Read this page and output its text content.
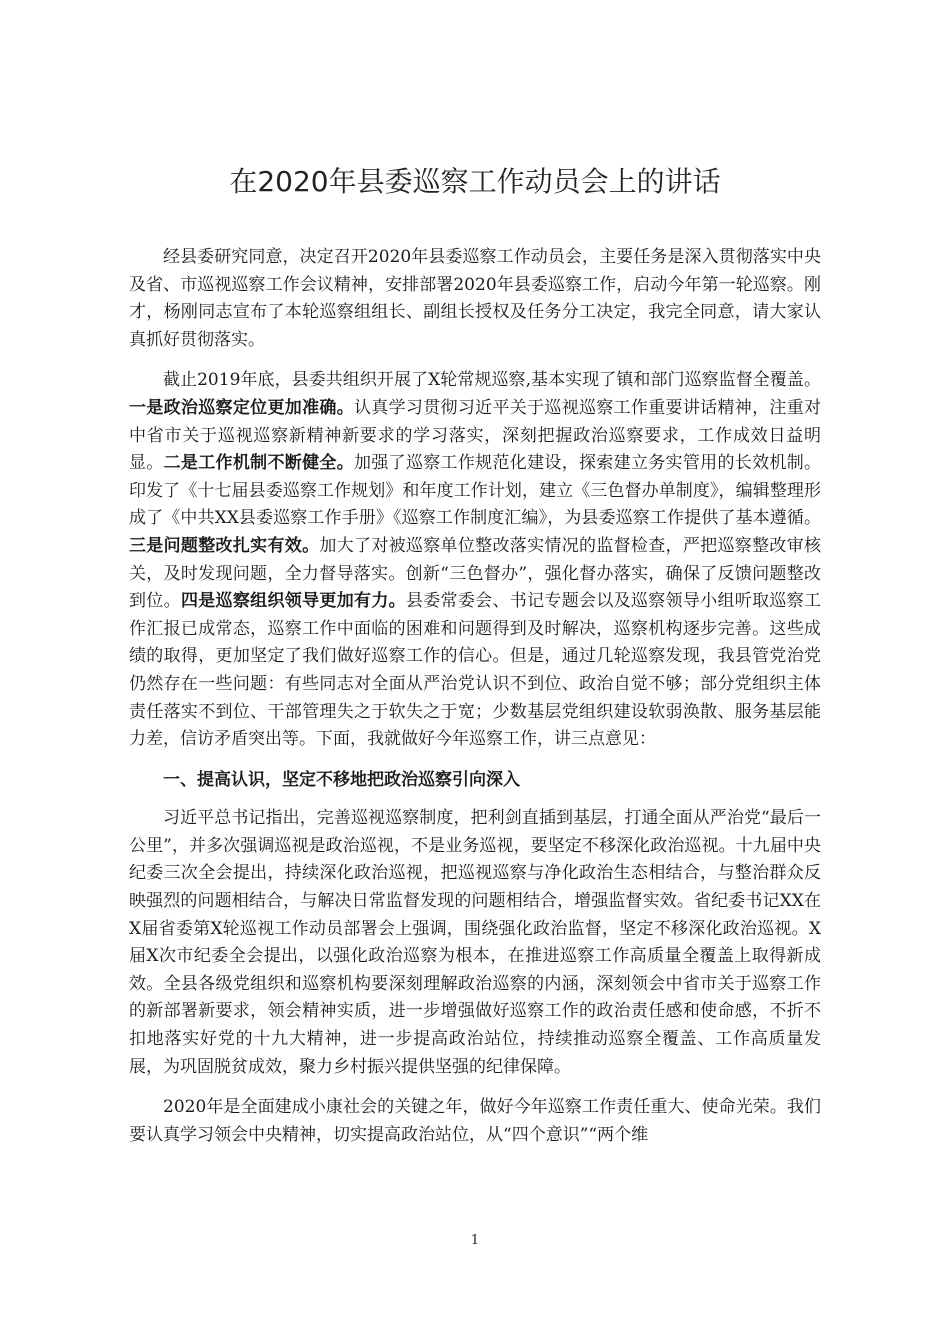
在2020年县委巡察工作动员会上的讲话

经县委研究同意，决定召开2020年县委巡察工作动员会，主要任务是深入贯彻落实中央及省、市巡视巡察工作会议精神，安排部署2020年县委巡察工作，启动今年第一轮巡察。刚才，杨刚同志宣布了本轮巡察组组长、副组长授权及任务分工决定，我完全同意，请大家认真抓好贯彻落实。

截止2019年底，县委共组织开展了X轮常规巡察,基本实现了镇和部门巡察监督全覆盖。一是政治巡察定位更加准确。认真学习贯彻习近平关于巡视巡察工作重要讲话精神，注重对中省市关于巡视巡察新精神新要求的学习落实，深刻把握政治巡察要求，工作成效日益明显。二是工作机制不断健全。加强了巡察工作规范化建设，探索建立务实管用的长效机制。印发了《十七届县委巡察工作规划》和年度工作计划，建立《三色督办单制度》，编辑整理形成了《中共XX县委巡察工作手册》《巡察工作制度汇编》，为县委巡察工作提供了基本遵循。三是问题整改扎实有效。加大了对被巡察单位整改落实情况的监督检查，严把巡察整改审核关，及时发现问题，全力督导落实。创新“三色督办”，强化督办落实，确保了反馈问题整改到位。四是巡察组织领导更加有力。县委常委会、书记专题会以及巡察领导小组听取巡察工作汇报已成常态，巡察工作中面临的困难和问题得到及时解决，巡察机构逐步完善。这些成绩的取得，更加坚定了我们做好巡察工作的信心。但是，通过几轮巡察发现，我县管党治党仍然存在一些问题：有些同志对全面从严治党认识不到位、政治自觉不够；部分党组织主体责任落实不到位、干部管理失之于软失之于宽；少数基层党组织建设软弱涣散、服务基层能力差，信访矛盾突出等。下面，我就做好今年巡察工作，讲三点意见：

一、提高认识，坚定不移地把政治巡察引向深入

习近平总书记指出，完善巡视巡察制度，把利剑直插到基层，打通全面从严治党“最后一公里”，并多次强调巡视是政治巡视，不是业务巡视，要坚定不移深化政治巡视。十九届中央纪委三次全会提出，持续深化政治巡视，把巡视巡察与净化政治生态相结合，与整治群众反映强烈的问题相结合，与解决日常监督发现的问题相结合，增强监督实效。省纪委书记XX在X届省委第X轮巡视工作动员部署会上强调，围绕强化政治监督，坚定不移深化政治巡视。X届X次市纪委全会提出，以强化政治巡察为根本，在推进巡察工作高质量全覆盖上取得新成效。全县各级党组织和巡察机构要深刻理解政治巡察的内涵，深刻领会中省市关于巡察工作的新部署新要求，领会精神实质，进一步增强做好巡察工作的政治责任感和使命感，不折不扣地落实好党的十九大精神，进一步提高政治站位，持续推动巡察全覆盖、工作高质量发展，为巩固脱贫成效，聚力乡村振兴提供坚强的纪律保障。

2020年是全面建成小康社会的关键之年，做好今年巡察工作责任重大、使命光荣。我们要认真学习领会中央精神，切实提高政治站位，从“四个意识”“两个维

1
